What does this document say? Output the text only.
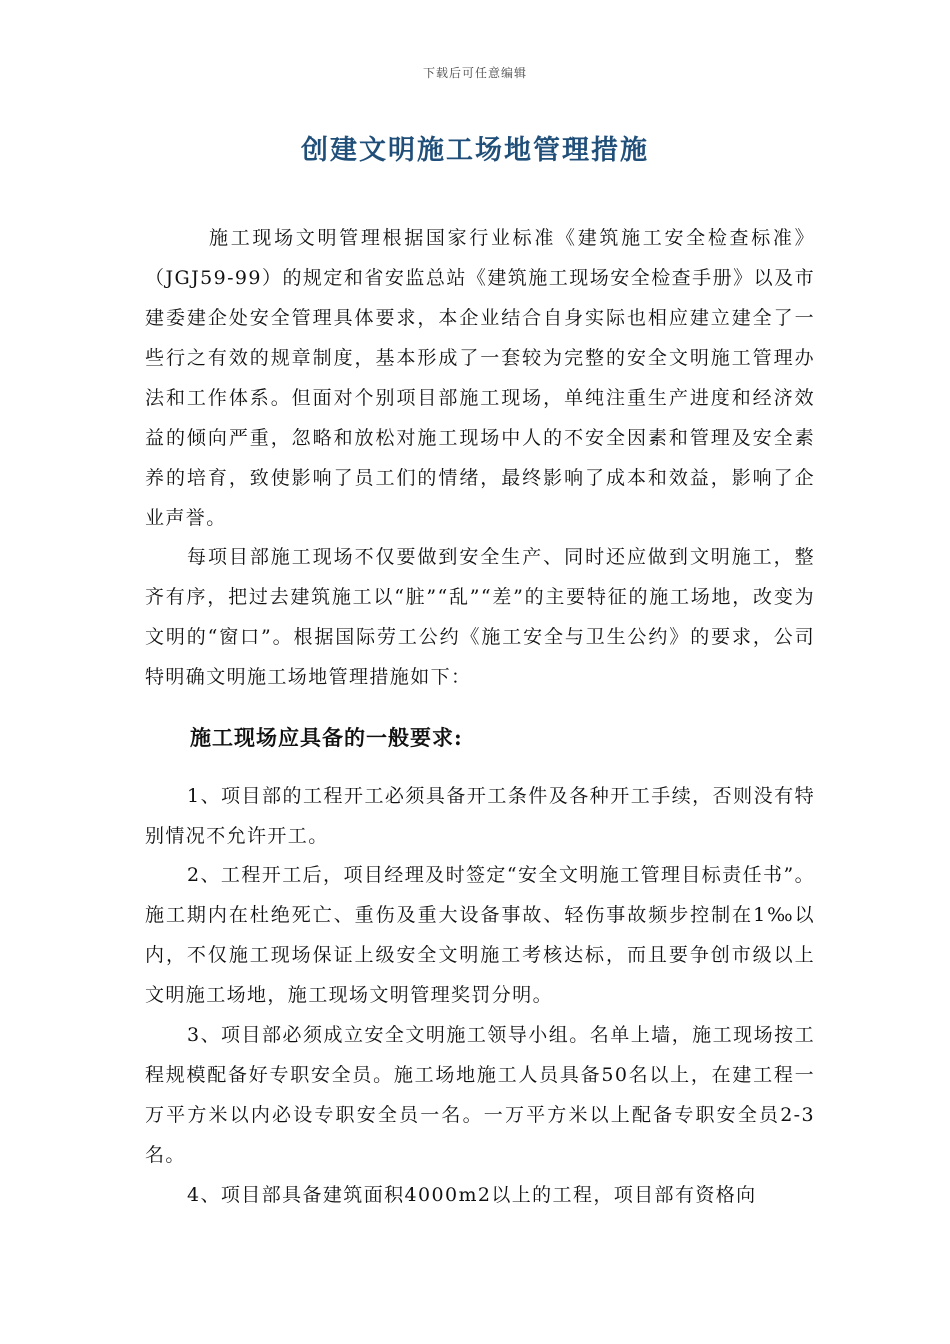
下载后可任意编辑
创建文明施工场地管理措施

施工现场文明管理根据国家行业标准《建筑施工安全检查标准》（JGJ59-99）的规定和省安监总站《建筑施工现场安全检查手册》以及市建委建企处安全管理具体要求，本企业结合自身实际也相应建立建全了一些行之有效的规章制度，基本形成了一套较为完整的安全文明施工管理办法和工作体系。但面对个别项目部施工现场，单纯注重生产进度和经济效益的倾向严重，忽略和放松对施工现场中人的不安全因素和管理及安全素养的培育，致使影响了员工们的情绪，最终影响了成本和效益，影响了企业声誉。

每项目部施工现场不仅要做到安全生产、同时还应做到文明施工，整齐有序，把过去建筑施工以“脏”“乱”“差”的主要特征的施工场地，改变为文明的“窗口”。根据国际劳工公约《施工安全与卫生公约》的要求，公司特明确文明施工场地管理措施如下：

施工现场应具备的一般要求:

1、项目部的工程开工必须具备开工条件及各种开工手续，否则没有特别情况不允许开工。

2、工程开工后，项目经理及时签定“安全文明施工管理目标责任书”。施工期内在杜绝死亡、重伤及重大设备事故、轻伤事故频步控制在1‰以内，不仅施工现场保证上级安全文明施工考核达标，而且要争创市级以上文明施工场地，施工现场文明管理奖罚分明。

3、项目部必须成立安全文明施工领导小组。名单上墙，施工现场按工程规模配备好专职安全员。施工场地施工人员具备50名以上，在建工程一万平方米以内必设专职安全员一名。一万平方米以上配备专职安全员2-3名。

4、项目部具备建筑面积4000m2以上的工程，项目部有资格向
